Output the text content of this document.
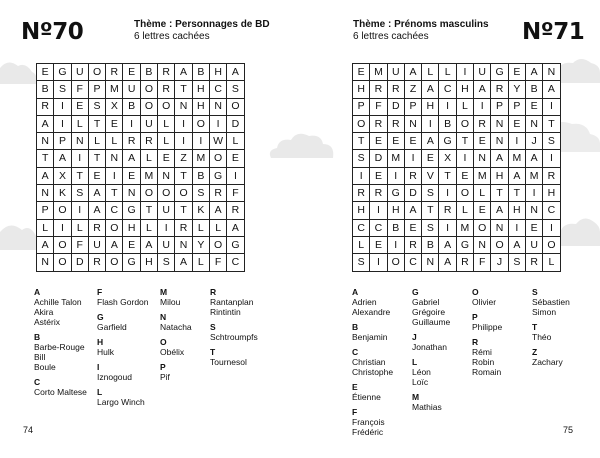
Nº70	Thème : Personnages de BD
6 lettres cachées
E G U O R E B R A B H A
B S	F	P M U O R T H C S
R	I	E S X B O O N H N O
A	I	L	T	E	I	U	L	I	O	I	D
N P N	L	L	R R	L	I	I	W L
T	A	I	T N A	L	E	Z M O E
A X	T	E	I	E M N T	B G	I
N K S A	T N O O O S R F
P O	I	A C G T U T	K A R
L	I	L	R O H	L	I	R	L	L	A
A O F U A E A U N Y O G
N O D R O G H S A	L	F C
A
Achille Talon
Akira
Astérix
B
Barbe-Rouge
Bill
Boule
C
Corto Maltese
F
Flash Gordon
G
Garfield
H
Hulk
I
Iznogoud
L
Largo Winch
M
Milou
N
Natacha
O
Obélix
P
Pif
R
Rantanplan
Rintintin
S
Schtroumpfs
T
Tournesol
74
Nº71
Thème : Prénoms masculins
6 lettres cachées
E M U A	L	L	I	U G E A N
H R R Z	A C H A R Y B A
P	F D P H	I	L	I	P P E	I
O R R N	I	B O R N E N T
T	E E E A G T	E N	I	J	S
S D M	I	E X	I	N A M A	I
I	E	I	R V	T	E M H A M R
R R G D S	I	O L	T	T	I	H
H	I	H A	T R	L	E A H N C
C C B E S	I	M O N	I	E	I
L	E	I	R B A G N O A U O
S	I	O C N A R F	J	S R	L
A
Adrien
Alexandre
B
Benjamin
C
Christian
Christophe
E
Étienne
F
François
Frédéric
G
Gabriel
Grégoire
Guillaume
J
Jonathan
L
Léon
Loïc
M
Mathias
O
Olivier
P
Philippe
R
Rémi
Robin
Romain
S
Sébastien
Simon
T
Théo
Z
Zachary
75
